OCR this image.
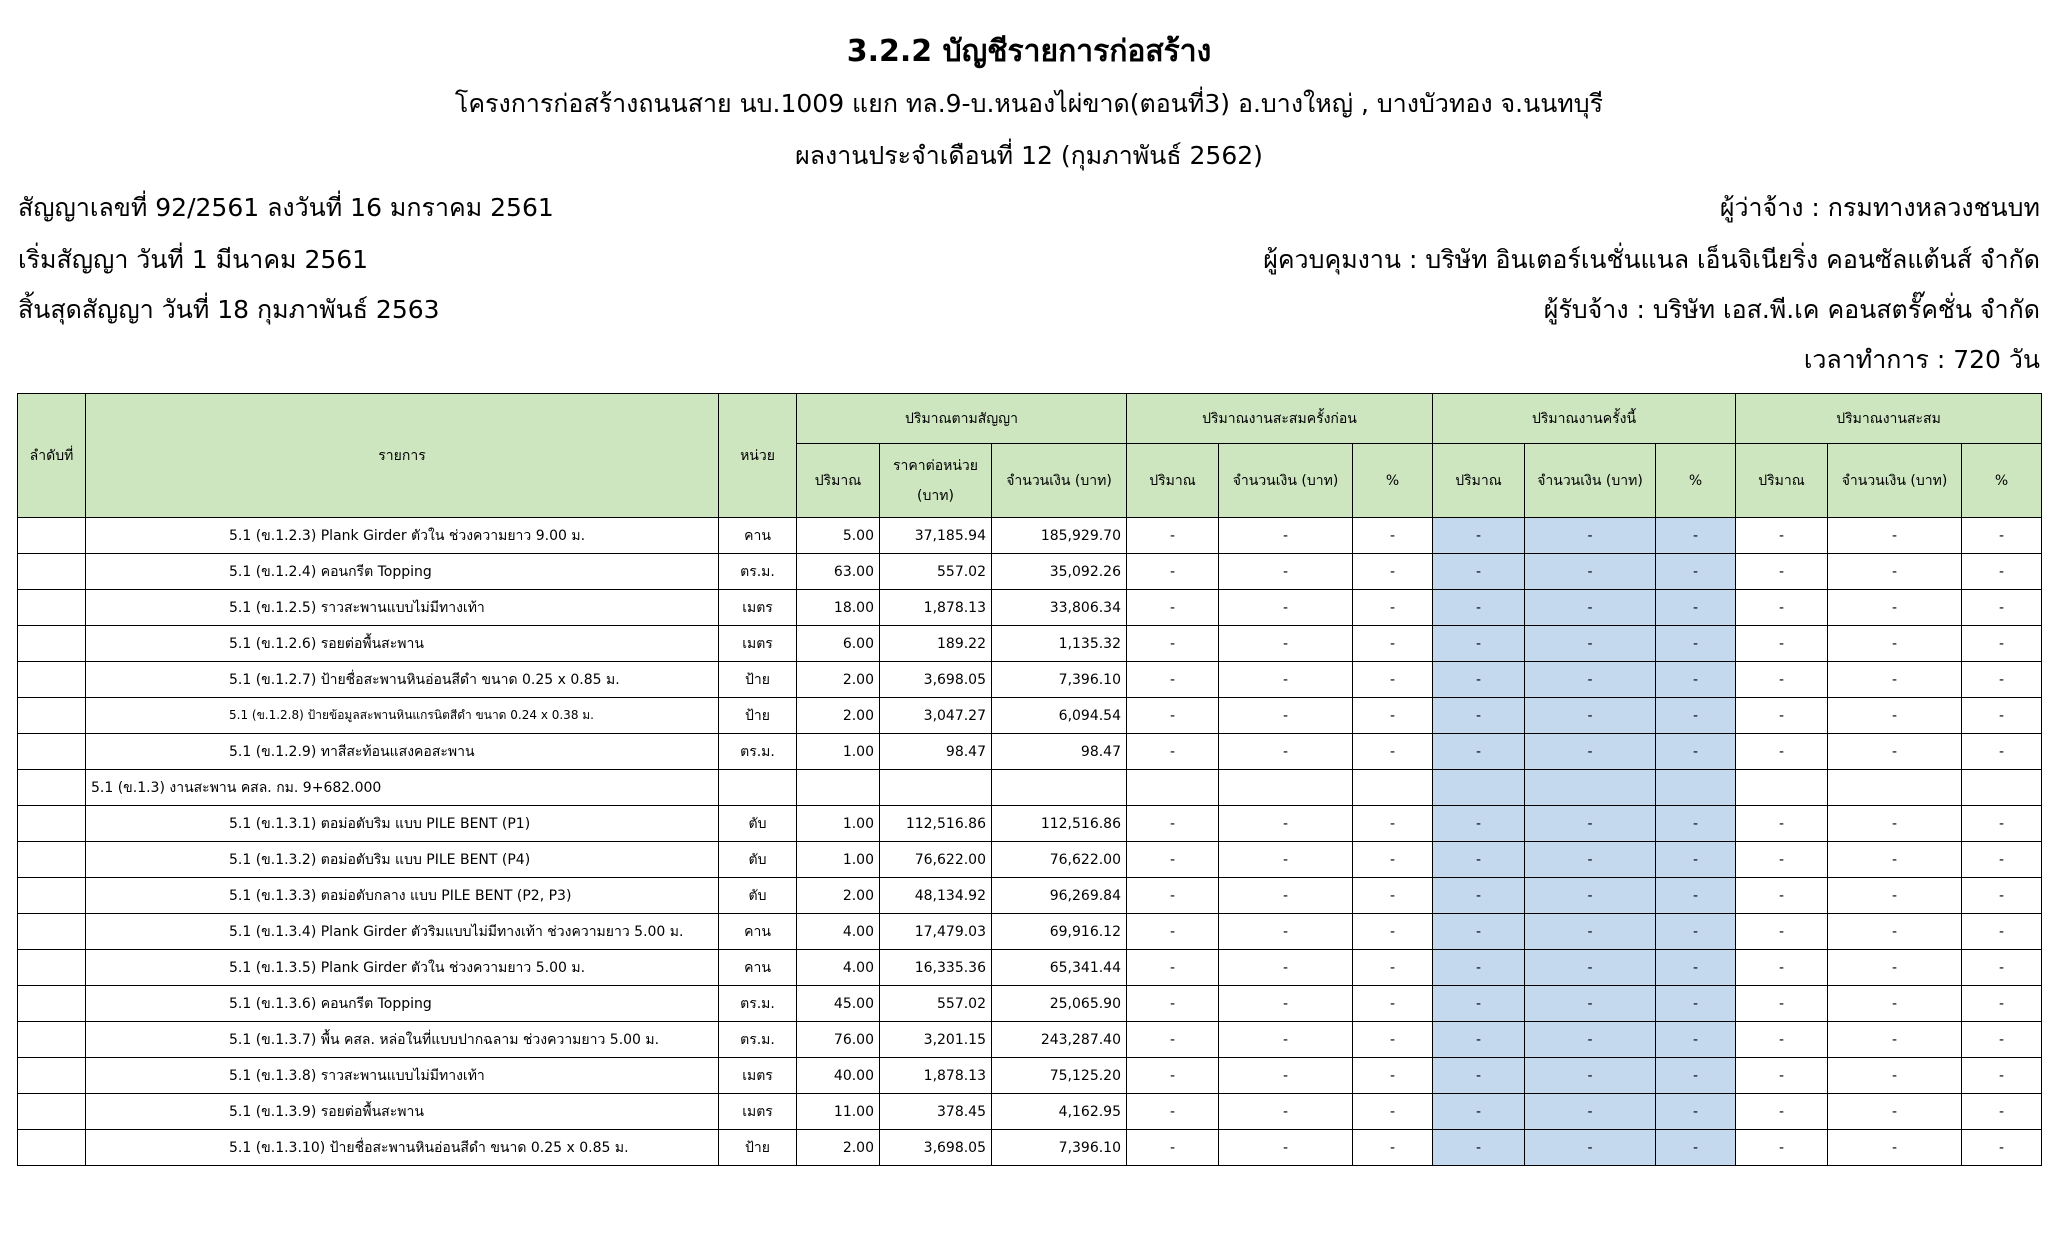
3.2.2 บัญชีรายการก่อสร้าง
โครงการก่อสร้างถนนสาย นบ.1009 แยก ทล.9-บ.หนองไผ่ขาด(ตอนที่3) อ.บางใหญ่ , บางบัวทอง จ.นนทบุรี
ผลงานประจำเดือนที่ 12 (กุมภาพันธ์ 2562)
สัญญาเลขที่ 92/2561 ลงวันที่ 16 มกราคม 2561
เริ่มสัญญา วันที่ 1 มีนาคม 2561
สิ้นสุดสัญญา วันที่ 18 กุมภาพันธ์ 2563
ผู้ว่าจ้าง : กรมทางหลวงชนบท
ผู้ควบคุมงาน : บริษัท อินเตอร์เนชั่นแนล เอ็นจิเนียริ่ง คอนซัลแต้นส์ จำกัด
ผู้รับจ้าง : บริษัท เอส.พี.เค คอนสตรั๊คชั่น จำกัด
เวลาทำการ : 720 วัน
ลำดับที่	รายการ	หน่วย	ปริมาณตามสัญญา			ปริมาณงานสะสมครั้งก่อน			ปริมาณงานครั้งนี้			ปริมาณงานสะสม		
			ปริมาณ	ราคาต่อหน่วย (บาท)	จำนวนเงิน (บาท)	ปริมาณ	จำนวนเงิน (บาท)	%	ปริมาณ	จำนวนเงิน (บาท)	%	ปริมาณ	จำนวนเงิน (บาท)	%
	5.1 (ข.1.2.3) Plank Girder ตัวใน ช่วงความยาว 9.00 ม.	คาน	5.00	37,185.94	185,929.70	-	-	-	-	-	-	-	-	-
	5.1 (ข.1.2.4) คอนกรีต Topping	ตร.ม.	63.00	557.02	35,092.26	-	-	-	-	-	-	-	-	-
	5.1 (ข.1.2.5) ราวสะพานแบบไม่มีทางเท้า	เมตร	18.00	1,878.13	33,806.34	-	-	-	-	-	-	-	-	-
	5.1 (ข.1.2.6) รอยต่อพื้นสะพาน	เมตร	6.00	189.22	1,135.32	-	-	-	-	-	-	-	-	-
	5.1 (ข.1.2.7) ป้ายชื่อสะพานหินอ่อนสีดำ ขนาด 0.25 x 0.85 ม.	ป้าย	2.00	3,698.05	7,396.10	-	-	-	-	-	-	-	-	-
	5.1 (ข.1.2.8) ป้ายข้อมูลสะพานหินแกรนิตสีดำ ขนาด 0.24 x 0.38 ม.	ป้าย	2.00	3,047.27	6,094.54	-	-	-	-	-	-	-	-	-
	5.1 (ข.1.2.9) ทาสีสะท้อนแสงคอสะพาน	ตร.ม.	1.00	98.47	98.47	-	-	-	-	-	-	-	-	-
	5.1 (ข.1.3) งานสะพาน คสล. กม. 9+682.000													
	5.1 (ข.1.3.1) ตอม่อตับริม แบบ PILE BENT (P1)	ตับ	1.00	112,516.86	112,516.86	-	-	-	-	-	-	-	-	-
	5.1 (ข.1.3.2) ตอม่อตับริม แบบ PILE BENT (P4)	ตับ	1.00	76,622.00	76,622.00	-	-	-	-	-	-	-	-	-
	5.1 (ข.1.3.3) ตอม่อตับกลาง แบบ PILE BENT (P2, P3)	ตับ	2.00	48,134.92	96,269.84	-	-	-	-	-	-	-	-	-
	5.1 (ข.1.3.4) Plank Girder ตัวริมแบบไม่มีทางเท้า ช่วงความยาว 5.00 ม.	คาน	4.00	17,479.03	69,916.12	-	-	-	-	-	-	-	-	-
	5.1 (ข.1.3.5) Plank Girder ตัวใน ช่วงความยาว 5.00 ม.	คาน	4.00	16,335.36	65,341.44	-	-	-	-	-	-	-	-	-
	5.1 (ข.1.3.6) คอนกรีต Topping	ตร.ม.	45.00	557.02	25,065.90	-	-	-	-	-	-	-	-	-
	5.1 (ข.1.3.7) พื้น คสล. หล่อในที่แบบปากฉลาม ช่วงความยาว 5.00 ม.	ตร.ม.	76.00	3,201.15	243,287.40	-	-	-	-	-	-	-	-	-
	5.1 (ข.1.3.8) ราวสะพานแบบไม่มีทางเท้า	เมตร	40.00	1,878.13	75,125.20	-	-	-	-	-	-	-	-	-
	5.1 (ข.1.3.9) รอยต่อพื้นสะพาน	เมตร	11.00	378.45	4,162.95	-	-	-	-	-	-	-	-	-
	5.1 (ข.1.3.10) ป้ายชื่อสะพานหินอ่อนสีดำ ขนาด 0.25 x 0.85 ม.	ป้าย	2.00	3,698.05	7,396.10	-	-	-	-	-	-	-	-	-
